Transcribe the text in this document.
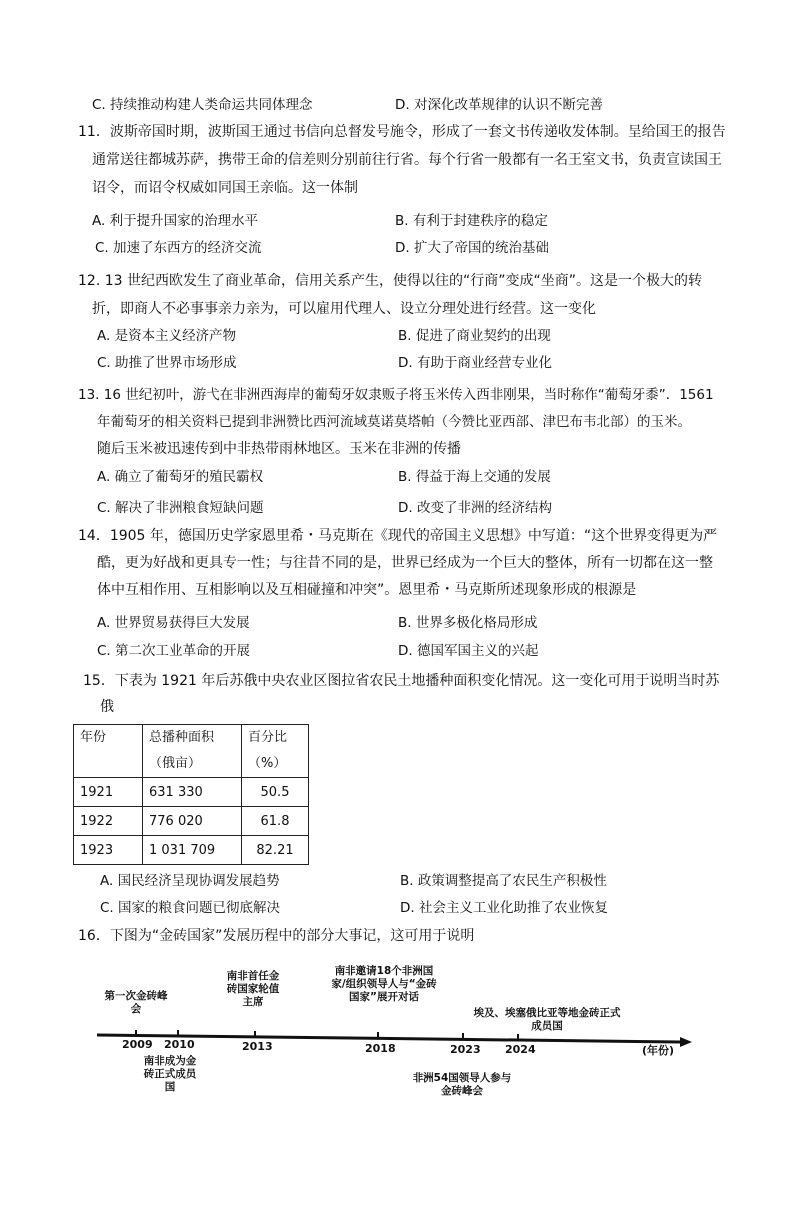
C. 持续推动构建人类命运共同体理念	D. 对深化改革规律的认识不断完善
11．波斯帝国时期，波斯国王通过书信向总督发号施令，形成了一套文书传递收发体制。呈给国王的报告
通常送往都城苏萨，携带王命的信差则分别前往行省。每个行省一般都有一名王室文书，负责宣读国王
诏令，而诏令权威如同国王亲临。这一体制
A. 利于提升国家的治理水平	B. 有利于封建秩序的稳定
C. 加速了东西方的经济交流	D. 扩大了帝国的统治基础
12. 13 世纪西欧发生了商业革命，信用关系产生，使得以往的“行商”变成“坐商”。这是一个极大的转
折，即商人不必事事亲力亲为，可以雇用代理人、设立分理处进行经营。这一变化
A. 是资本主义经济产物	B. 促进了商业契约的出现
C. 助推了世界市场形成	D. 有助于商业经营专业化
13. 16 世纪初叶，游弋在非洲西海岸的葡萄牙奴隶贩子将玉米传入西非刚果，当时称作“葡萄牙黍”．1561
年葡萄牙的相关资料已提到非洲赞比西河流域莫诺莫塔帕（今赞比亚西部、津巴布韦北部）的玉米。
随后玉米被迅速传到中非热带雨林地区。玉米在非洲的传播
A. 确立了葡萄牙的殖民霸权	B. 得益于海上交通的发展
C. 解决了非洲粮食短缺问题	D. 改变了非洲的经济结构
14．1905 年，德国历史学家恩里希・马克斯在《现代的帝国主义思想》中写道：“这个世界变得更为严
酷，更为好战和更具专一性；与往昔不同的是，世界已经成为一个巨大的整体，所有一切都在这一整
体中互相作用、互相影响以及互相碰撞和冲突”。恩里希・马克斯所述现象形成的根源是
A. 世界贸易获得巨大发展	B. 世界多极化格局形成
C. 第二次工业革命的开展	D. 德国军国主义的兴起
15．下表为 1921 年后苏俄中央农业区图拉省农民土地播种面积变化情况。这一变化可用于说明当时苏
俄
年份	总播种面积（俄亩）	百分比（%）
1921	631 330	50.5
1922	776 020	61.8
1923	1 031 709	82.21
A. 国民经济呈现协调发展趋势	B. 政策调整提高了农民生产积极性
C. 国家的粮食问题已彻底解决	D. 社会主义工业化助推了农业恢复
16．下图为“金砖国家”发展历程中的部分大事记，这可用于说明
2009 2010	2013	2018	2023 2024	(年份)
第一次金砖峰会
南非成为金砖正式成员国
南非首任金砖国家轮值主席
南非邀请18个非洲国家/组织领导人与“金砖国家”展开对话
非洲54国领导人参与金砖峰会
埃及、埃塞俄比亚等地金砖正式成员国
